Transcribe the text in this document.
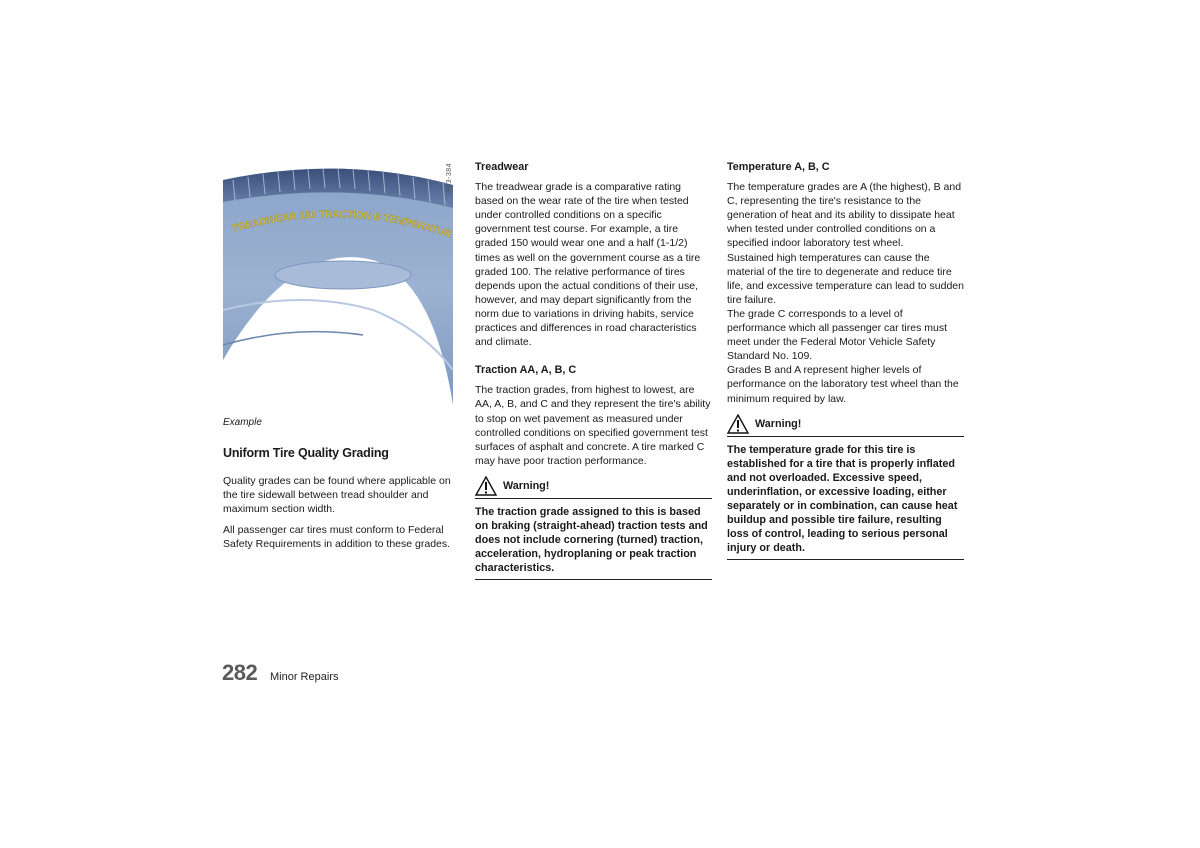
TREADWEAR 150 TRACTION B TEMPERATUR
P03-384
Example
Uniform Tire Quality Grading

Quality grades can be found where applicable on the tire sidewall between tread shoulder and maximum section width.

All passenger car tires must conform to Federal Safety Requirements in addition to these grades.

Treadwear

The treadwear grade is a comparative rating based on the wear rate of the tire when tested under controlled conditions on a specific government test course. For example, a tire graded 150 would wear one and a half (1-1/2) times as well on the government course as a tire graded 100. The relative performance of tires depends upon the actual conditions of their use, however, and may depart significantly from the norm due to variations in driving habits, service practices and differences in road characteristics and climate.

Traction AA, A, B, C

The traction grades, from highest to lowest, are AA, A, B, and C and they represent the tire's ability to stop on wet pavement as measured under controlled conditions on specified government test surfaces of asphalt and concrete. A tire marked C may have poor traction performance.

Warning!
The traction grade assigned to this is based on braking (straight-ahead) traction tests and does not include cornering (turned) traction, acceleration, hydroplaning or peak traction characteristics.
Temperature A, B, C

The temperature grades are A (the highest), B and C, representing the tire's resistance to the generation of heat and its ability to dissipate heat when tested under controlled conditions on a specified indoor laboratory test wheel.

Sustained high temperatures can cause the material of the tire to degenerate and reduce tire life, and excessive temperature can lead to sudden tire failure.

The grade C corresponds to a level of performance which all passenger car tires must meet under the Federal Motor Vehicle Safety Standard No. 109.

Grades B and A represent higher levels of performance on the laboratory test wheel than the minimum required by law.

Warning!
The temperature grade for this tire is established for a tire that is properly inflated and not overloaded. Excessive speed, underinflation, or excessive loading, either separately or in combination, can cause heat buildup and possible tire failure, resulting loss of control, leading to serious personal injury or death.
282 Minor Repairs
